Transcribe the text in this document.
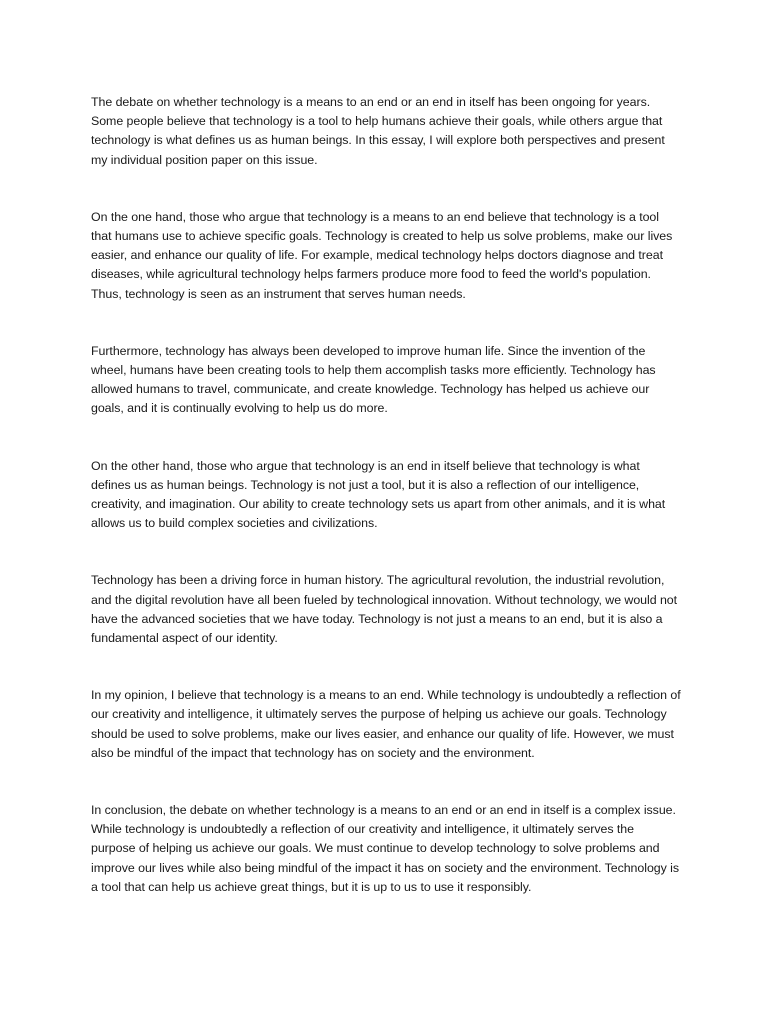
The debate on whether technology is a means to an end or an end in itself has been ongoing for years. Some people believe that technology is a tool to help humans achieve their goals, while others argue that technology is what defines us as human beings. In this essay, I will explore both perspectives and present my individual position paper on this issue.

On the one hand, those who argue that technology is a means to an end believe that technology is a tool that humans use to achieve specific goals. Technology is created to help us solve problems, make our lives easier, and enhance our quality of life. For example, medical technology helps doctors diagnose and treat diseases, while agricultural technology helps farmers produce more food to feed the world's population. Thus, technology is seen as an instrument that serves human needs.

Furthermore, technology has always been developed to improve human life. Since the invention of the wheel, humans have been creating tools to help them accomplish tasks more efficiently. Technology has allowed humans to travel, communicate, and create knowledge. Technology has helped us achieve our goals, and it is continually evolving to help us do more.

On the other hand, those who argue that technology is an end in itself believe that technology is what defines us as human beings. Technology is not just a tool, but it is also a reflection of our intelligence, creativity, and imagination. Our ability to create technology sets us apart from other animals, and it is what allows us to build complex societies and civilizations.

Technology has been a driving force in human history. The agricultural revolution, the industrial revolution, and the digital revolution have all been fueled by technological innovation. Without technology, we would not have the advanced societies that we have today. Technology is not just a means to an end, but it is also a fundamental aspect of our identity.

In my opinion, I believe that technology is a means to an end. While technology is undoubtedly a reflection of our creativity and intelligence, it ultimately serves the purpose of helping us achieve our goals. Technology should be used to solve problems, make our lives easier, and enhance our quality of life. However, we must also be mindful of the impact that technology has on society and the environment.

In conclusion, the debate on whether technology is a means to an end or an end in itself is a complex issue. While technology is undoubtedly a reflection of our creativity and intelligence, it ultimately serves the purpose of helping us achieve our goals. We must continue to develop technology to solve problems and improve our lives while also being mindful of the impact it has on society and the environment. Technology is a tool that can help us achieve great things, but it is up to us to use it responsibly.
